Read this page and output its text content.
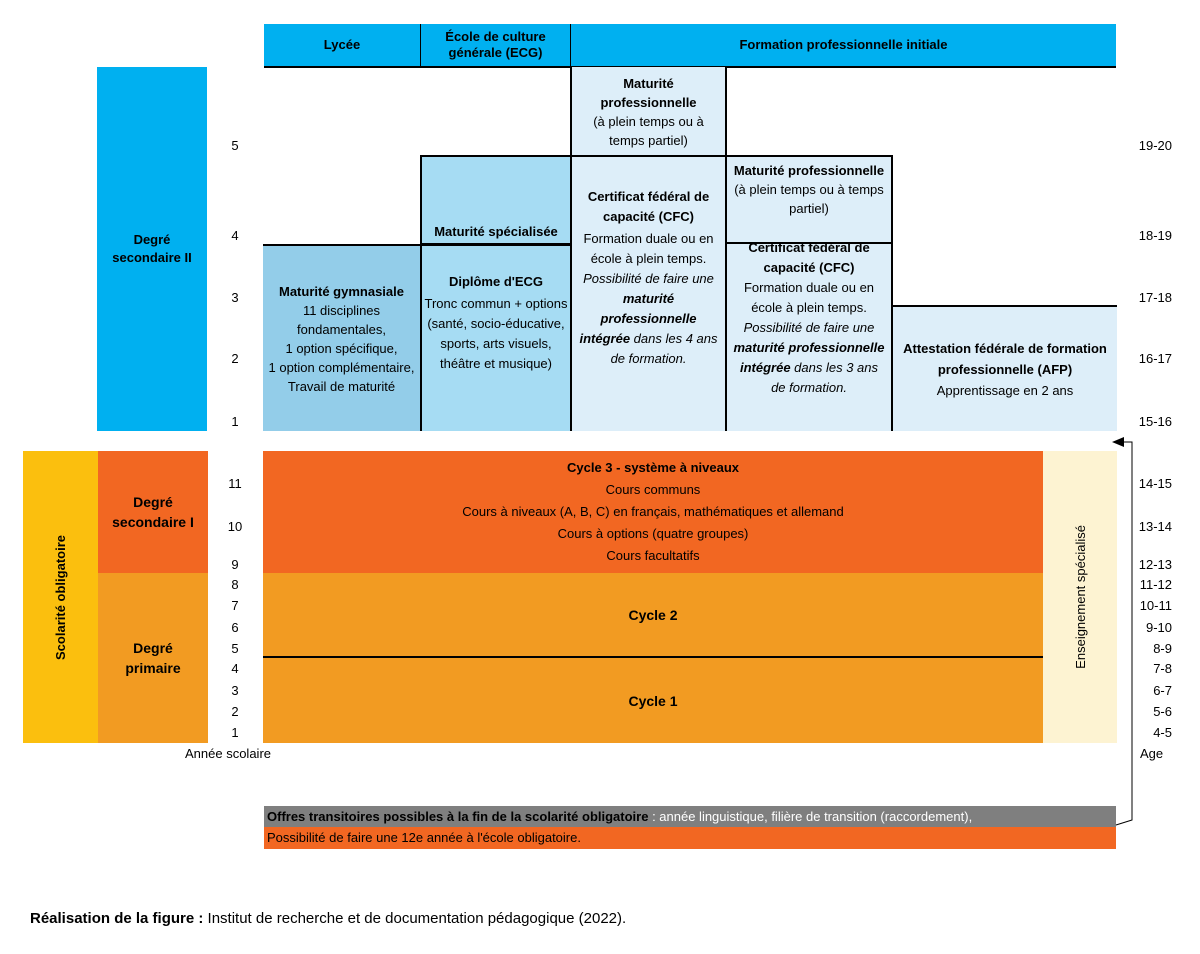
Lycée
École de culture générale (ECG)
Formation professionnelle initiale
Degré secondaire II
Maturité gymnasiale
11 disciplines fondamentales,
1 option spécifique,
1 option complémentaire,
Travail de maturité
Maturité spécialisée
Diplôme d'ECG
Tronc commun + options (santé, socio-éducative, sports, arts visuels, théâtre et musique)
Maturité professionnelle
(à plein temps ou à temps partiel)
Certificat fédéral de capacité (CFC)
Formation duale ou en école à plein temps. Possibilité de faire une maturité professionnelle intégrée dans les 4 ans de formation.
Maturité professionnelle
(à plein temps ou à temps partiel)
Certificat fédéral de capacité (CFC)
Formation duale ou en école à plein temps. Possibilité de faire une maturité professionnelle intégrée dans les 3 ans de formation.
Attestation fédérale de formation professionnelle (AFP) Apprentissage en 2 ans
Scolarité obligatoire
Degré secondaire I
Degré primaire
Cycle 3 - système à niveaux
Cours communs
Cours à niveaux (A, B, C) en français, mathématiques et allemand
Cours à options (quatre groupes)
Cours facultatifs
Cycle 2
Cycle 1
Enseignement spécialisé
5
4
3
2
1
11
10
9
8
7
6
5
4
3
2
1
Année scolaire
19-20
18-19
17-18
16-17
15-16
14-15
13-14
12-13
11-12
10-11
9-10
8-9
7-8
6-7
5-6
4-5
Age
Offres transitoires possibles à la fin de la scolarité obligatoire : année linguistique, filière de transition (raccordement),
Possibilité de faire une 12e année à l'école obligatoire.
Réalisation de la figure : Institut de recherche et de documentation pédagogique (2022).
